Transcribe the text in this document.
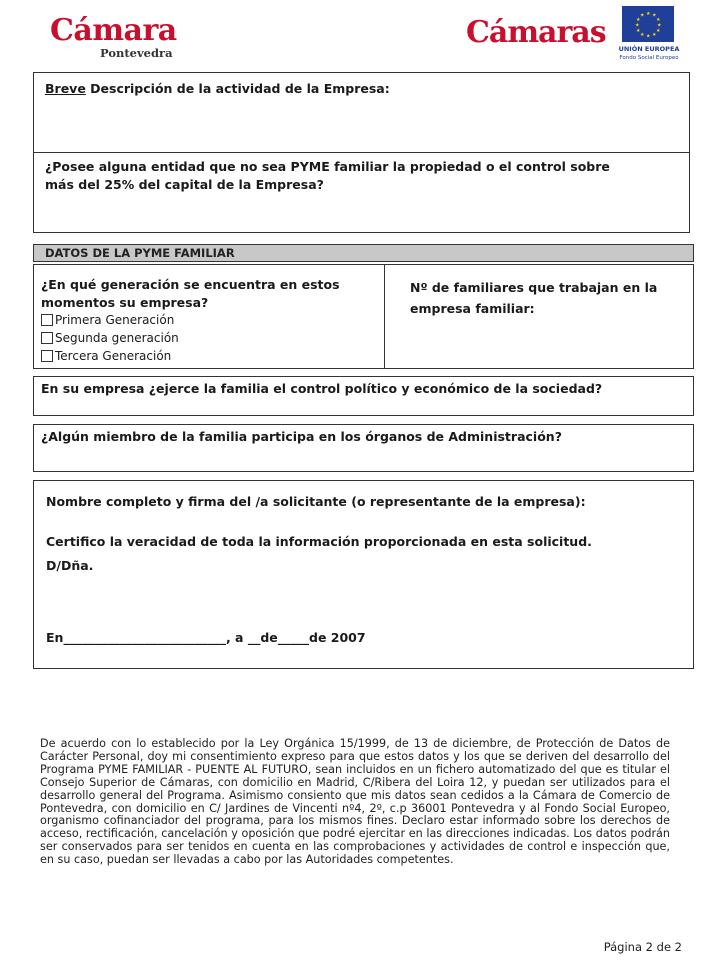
Cámara
Pontevedra
Cámaras
★ ★
★
★
★
★
★
★
★
★
★
★
UNIÓN EUROPEA
Fondo Social Europeo
Breve Descripción de la actividad de la Empresa:
¿Posee alguna entidad que no sea PYME familiar la propiedad o el control sobre
más del 25% del capital de la Empresa?
DATOS DE LA PYME FAMILIAR
¿En qué generación se encuentra en estos
momentos su empresa?
Primera Generación
Segunda generación
Tercera Generación
Nº de familiares que trabajan en la
empresa familiar:
En su empresa ¿ejerce la familia el control político y económico de la sociedad?
¿Algún miembro de la familia participa en los órganos de Administración?
Nombre completo y firma del /a solicitante (o representante de la empresa):
Certifico la veracidad de toda la información proporcionada en esta solicitud.
D/Dña.
En__________________________, a __de_____de 2007
De acuerdo con lo establecido por la Ley Orgánica 15/1999, de 13 de diciembre, de Protección de Datos de Carácter Personal, doy mi consentimiento expreso para que estos datos y los que se deriven del desarrollo del Programa PYME FAMILIAR - PUENTE AL FUTURO, sean incluidos en un fichero automatizado del que es titular el Consejo Superior de Cámaras, con domicilio en Madrid, C/Ribera del Loira 12, y puedan ser utilizados para el desarrollo general del Programa. Asimismo consiento que mis datos sean cedidos a la Cámara de Comercio de Pontevedra, con domicilio en C/ Jardines de Vincenti nº4, 2º, c.p 36001 Pontevedra y al Fondo Social Europeo, organismo cofinanciador del programa, para los mismos fines. Declaro estar informado sobre los derechos de acceso, rectificación, cancelación y oposición que podré ejercitar en las direcciones indicadas. Los datos podrán ser conservados para ser tenidos en cuenta en las comprobaciones y actividades de control e inspección que, en su caso, puedan ser llevadas a cabo por las Autoridades competentes.
Página 2 de 2
